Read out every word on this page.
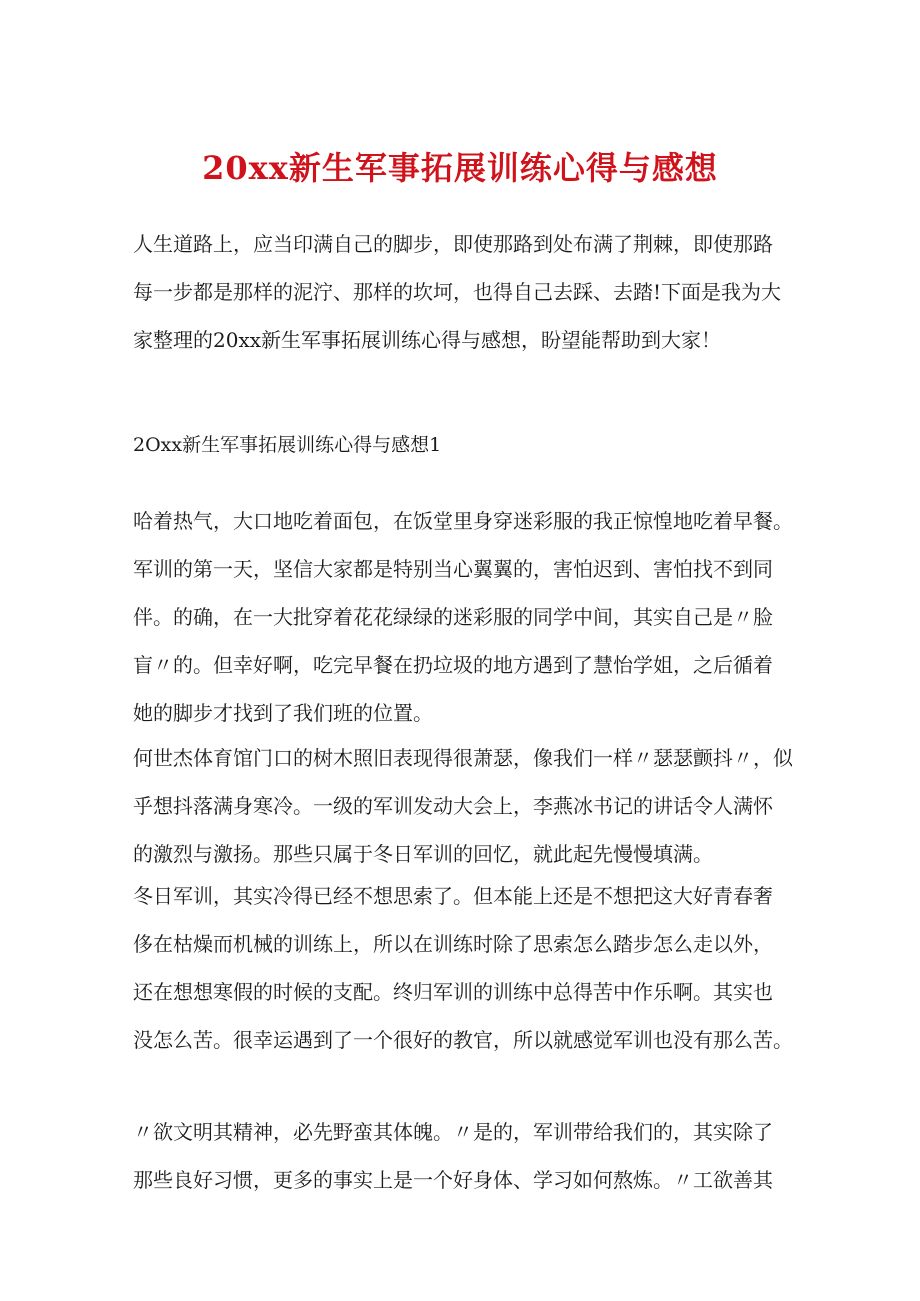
20xx新生军事拓展训练心得与感想

人生道路上，应当印满自己的脚步，即使那路到处布满了荆棘，即使那路
每一步都是那样的泥泞、那样的坎坷，也得自己去踩、去踏!下面是我为大
家整理的20xx新生军事拓展训练心得与感想，盼望能帮助到大家！

2Oxx新生军事拓展训练心得与感想1

哈着热气，大口地吃着面包，在饭堂里身穿迷彩服的我正惊惶地吃着早餐。
军训的第一天，坚信大家都是特别当心翼翼的，害怕迟到、害怕找不到同
伴。的确，在一大批穿着花花绿绿的迷彩服的同学中间，其实自己是〃脸
盲〃的。但幸好啊，吃完早餐在扔垃圾的地方遇到了慧怡学姐，之后循着
她的脚步才找到了我们班的位置。

何世杰体育馆门口的树木照旧表现得很萧瑟，像我们一样〃瑟瑟颤抖〃，似
乎想抖落满身寒冷。一级的军训发动大会上，李燕冰书记的讲话令人满怀
的激烈与激扬。那些只属于冬日军训的回忆，就此起先慢慢填满。

冬日军训，其实冷得已经不想思索了。但本能上还是不想把这大好青春奢
侈在枯燥而机械的训练上，所以在训练时除了思索怎么踏步怎么走以外，
还在想想寒假的时候的支配。终归军训的训练中总得苦中作乐啊。其实也
没怎么苦。很幸运遇到了一个很好的教官，所以就感觉军训也没有那么苦。

〃欲文明其精神，必先野蛮其体魄。〃是的，军训带给我们的，其实除了
那些良好习惯，更多的事实上是一个好身体、学习如何熬炼。〃工欲善其
